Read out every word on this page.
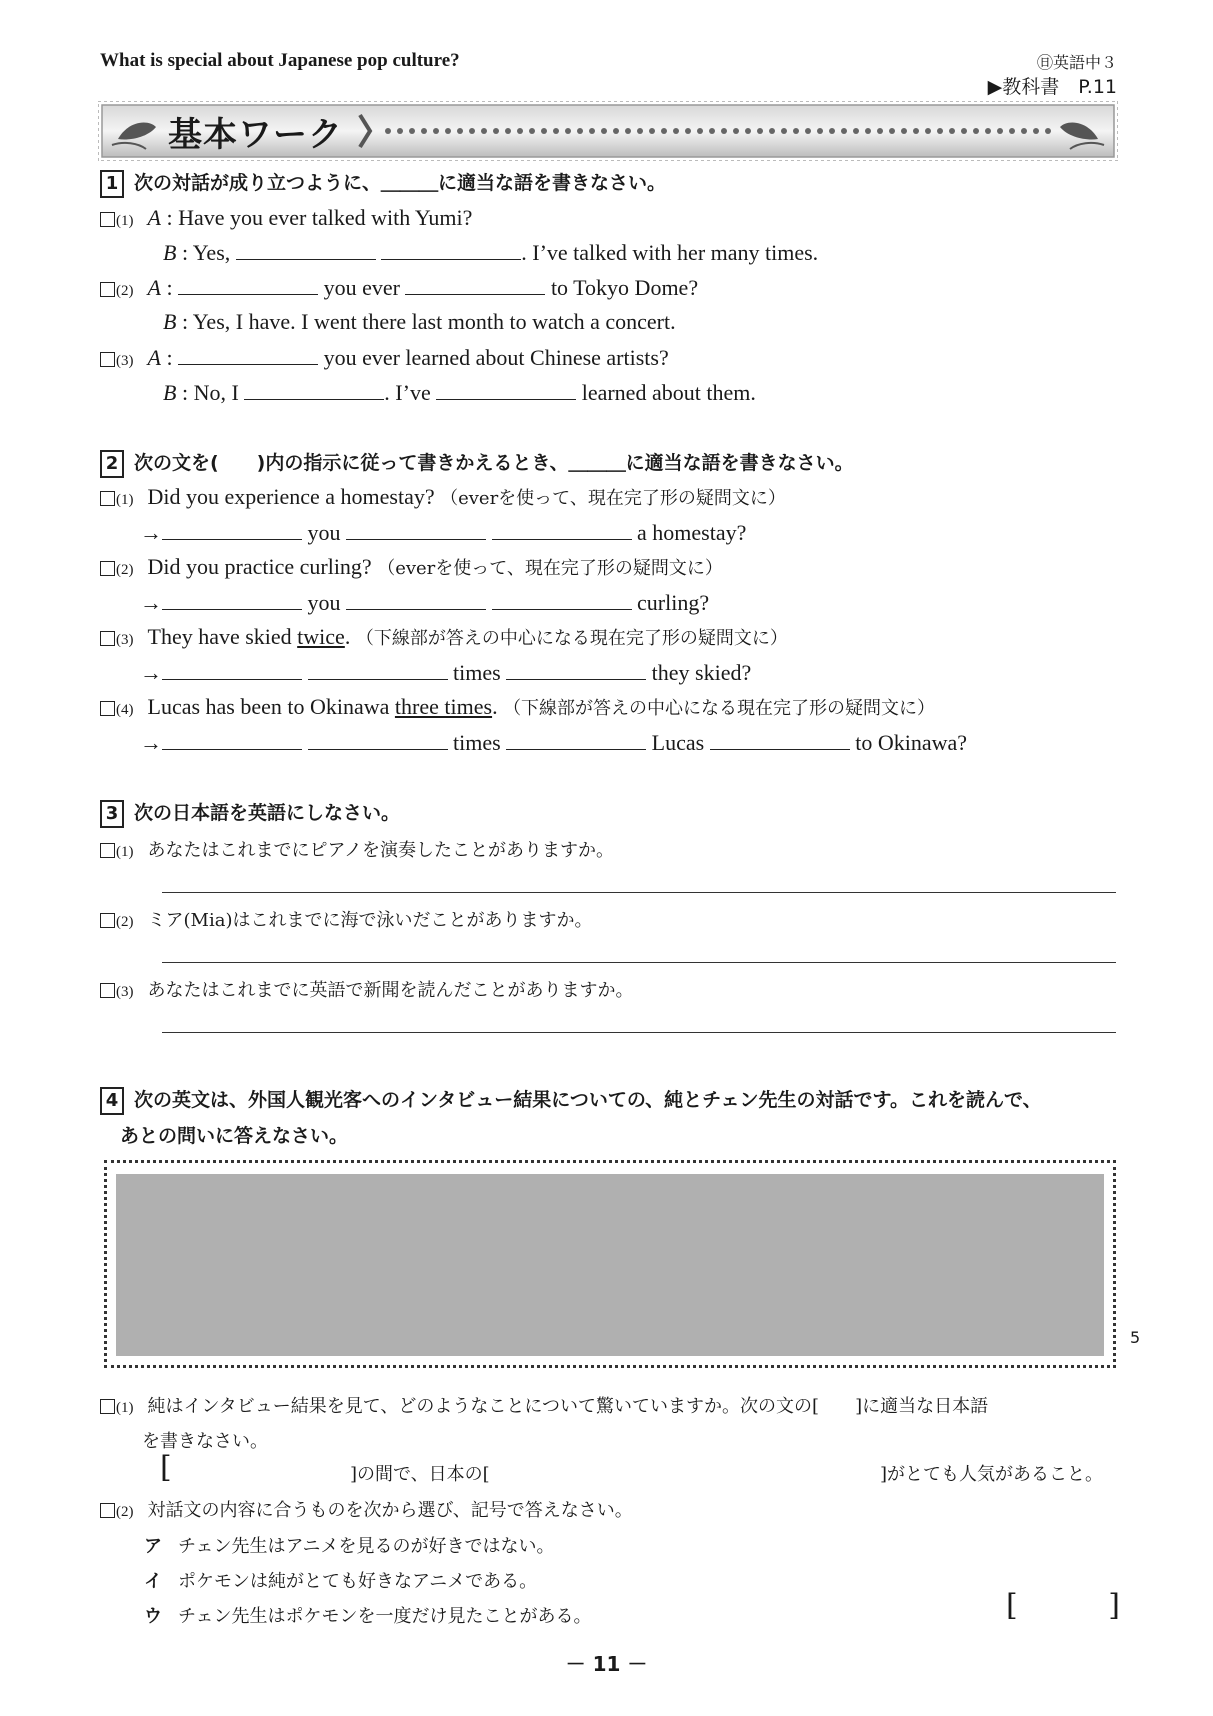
What is special about Japanese pop culture?	㊐英語中３
▶教科書　P.11
基本ワーク
1 次の対話が成り立つように、＿＿＿に適当な語を書きなさい。
(1) A : Have you ever talked with Yumi?
B : Yes,	. I’ve talked with her many times.
(2) A :	you ever	to Tokyo Dome?
B : Yes, I have. I went there last month to watch a concert.
(3) A :	you ever learned about Chinese artists?
B : No, I	. I’ve	learned about them.
2 次の文を(　　)内の指示に従って書きかえるとき、＿＿＿に適当な語を書きなさい。
(1) Did you experience a homestay? （everを使って、現在完了形の疑問文に）
→	you	a homestay?
(2) Did you practice curling? （everを使って、現在完了形の疑問文に）
→	you	curling?
(3) They have skied twice. （下線部が答えの中心になる現在完了形の疑問文に）
→	times	they skied?
(4) Lucas has been to Okinawa three times. （下線部が答えの中心になる現在完了形の疑問文に）
→	times	Lucas	to Okinawa?
3 次の日本語を英語にしなさい。
(1) あなたはこれまでにピアノを演奏したことがありますか。
(2) ミア(Mia)はこれまでに海で泳いだことがありますか。
(3) あなたはこれまでに英語で新聞を読んだことがありますか。
4 次の英文は、外国人観光客へのインタビュー結果についての、純とチェン先生の対話です。これを読んで、
あとの問いに答えなさい。
5
(1) 純はインタビュー結果を見て、どのようなことについて驚いていますか。次の文の[　　]に適当な日本語
を書きなさい。
[	]の間で、日本の[	]がとても人気があること。
(2) 対話文の内容に合うものを次から選び、記号で答えなさい。
ア チェン先生はアニメを見るのが好きではない。
イ ポケモンは純がとても好きなアニメである。
ウ チェン先生はポケモンを一度だけ見たことがある。	[	]
－ 11 －
